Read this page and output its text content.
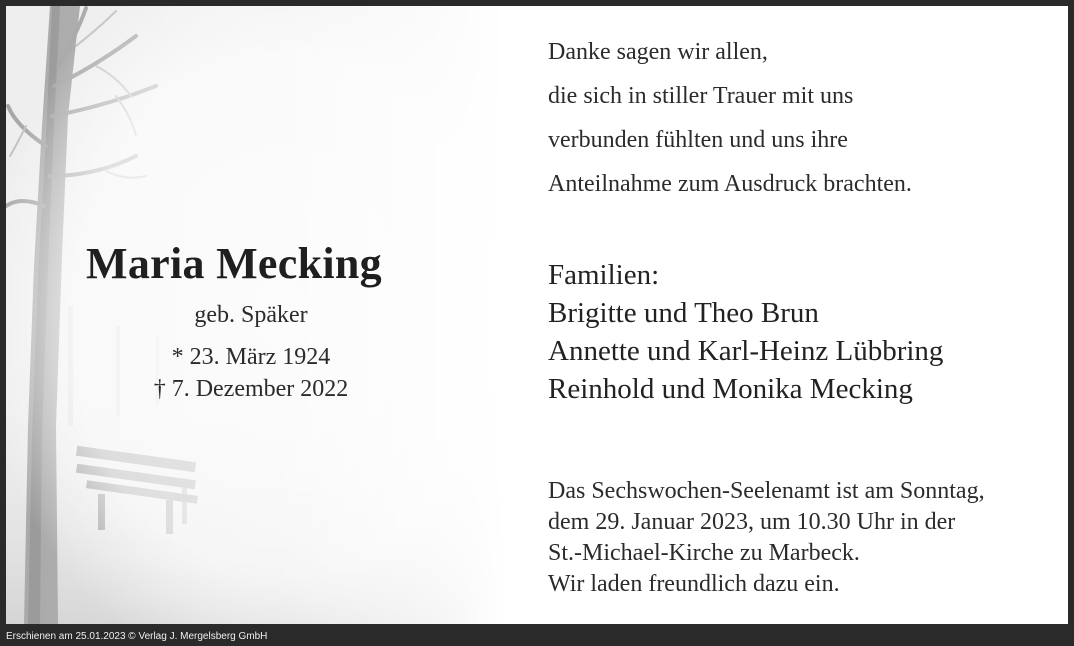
Maria Mecking
geb. Späker
* 23. März 1924
† 7. Dezember 2022
Danke sagen wir allen,
die sich in stiller Trauer mit uns
verbunden fühlten und uns ihre
Anteilnahme zum Ausdruck brachten.
Familien:
Brigitte und Theo Brun
Annette und Karl-Heinz Lübbring
Reinhold und Monika Mecking
Das Sechswochen-Seelenamt ist am Sonntag,
dem 29. Januar 2023, um 10.30 Uhr in der
St.-Michael-Kirche zu Marbeck.
Wir laden freundlich dazu ein.
Erschienen am 25.01.2023 © Verlag J. Mergelsberg GmbH
